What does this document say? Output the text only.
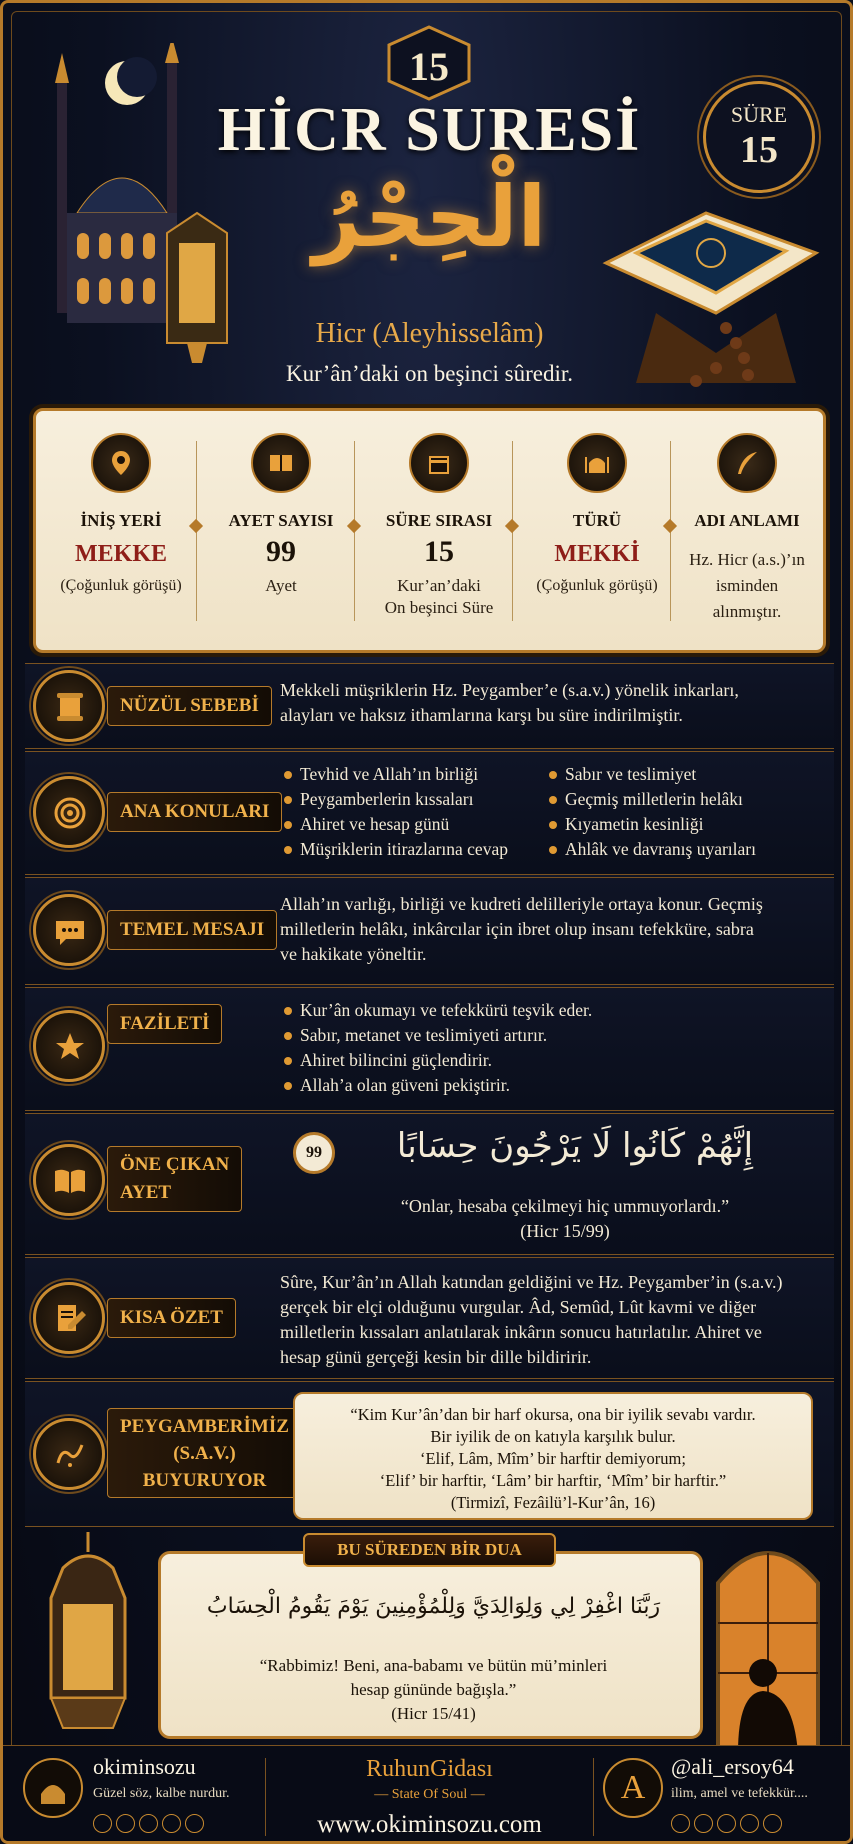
15
HİCR SURESİ	SÜRE
15
الْحِجْرُ
Hicr (Aleyhisselâm)
Kur’ân’daki on beşinci sûredir.
İNİŞ YERİ
MEKKE
(Çoğunluk görüşü)
AYET SAYISI
99
Ayet
SÜRE SIRASI
15
Kur’an’daki
On beşinci Süre
TÜRÜ
MEKKİ
(Çoğunluk görüşü)
ADI ANLAMI
Hz. Hicr (a.s.)’ın
isminden
alınmıştır.
NÜZÜL SEBEBİ
Mekkeli müşriklerin Hz. Peygamber’e (s.a.v.) yönelik inkarları,
alayları ve haksız ithamlarına karşı bu süre indirilmiştir.
ANA KONULARI
Tevhid ve Allah’ın birliği
Peygamberlerin kıssaları
Ahiret ve hesap günü
Müşriklerin itirazlarına cevap
Sabır ve teslimiyet
Geçmiş milletlerin helâkı
Kıyametin kesinliği
Ahlâk ve davranış uyarıları
TEMEL MESAJI
Allah’ın varlığı, birliği ve kudreti delilleriyle ortaya konur. Geçmiş
milletlerin helâkı, inkârcılar için ibret olup insanı tefekküre, sabra
ve hakikate yöneltir.
FAZİLETİ
Kur’ân okumayı ve tefekkürü teşvik eder.
Sabır, metanet ve teslimiyeti artırır.
Ahiret bilincini güçlendirir.
Allah’a olan güveni pekiştirir.
ÖNE ÇIKAN
AYET
99	إِنَّهُمْ كَانُوا لَا يَرْجُونَ حِسَابًا
“Onlar, hesaba çekilmeyi hiç ummuyorlardı.”
(Hicr 15/99)
KISA ÖZET
Sûre, Kur’ân’ın Allah katından geldiğini ve Hz. Peygamber’in (s.a.v.)
gerçek bir elçi olduğunu vurgular. Âd, Semûd, Lût kavmi ve diğer
milletlerin kıssaları anlatılarak inkârın sonucu hatırlatılır. Ahiret ve
hesap günü gerçeği kesin bir dille bildiririr.
PEYGAMBERİMİZ
(S.A.V.)
BUYURUYOR

“Kim Kur’ân’dan bir harf okursa, ona bir iyilik sevabı vardır.

Bir iyilik de on katıyla karşılık bulur.

‘Elif, Lâm, Mîm’ bir harftir demiyorum;

‘Elif’ bir harftir, ‘Lâm’ bir harftir, ‘Mîm’ bir harftir.”

(Tirmizî, Fezâilü’l-Kur’ân, 16)

رَبَّنَا اغْفِرْ لِي وَلِوَالِدَيَّ وَلِلْمُؤْمِنِينَ يَوْمَ يَقُومُ الْحِسَابُ
“Rabbimiz! Beni, ana-babamı ve bütün mü’minleri
hesap gününde bağışla.”
(Hicr 15/41)
BU SÜREDEN BİR DUA
okiminsozu
Güzel söz, kalbe nurdur.
RuhunGidası
— State Of Soul —
www.okiminsozu.com
A
@ali_ersoy64
ilim, amel ve tefekkür....
